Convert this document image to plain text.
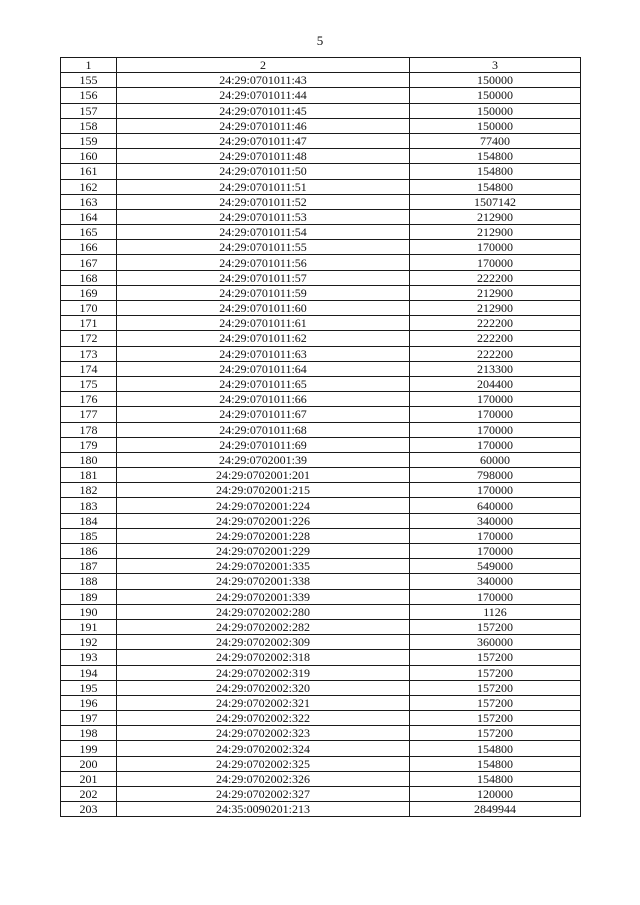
5
1	2	3
155	24:29:0701011:43	150000
156	24:29:0701011:44	150000
157	24:29:0701011:45	150000
158	24:29:0701011:46	150000
159	24:29:0701011:47	77400
160	24:29:0701011:48	154800
161	24:29:0701011:50	154800
162	24:29:0701011:51	154800
163	24:29:0701011:52	1507142
164	24:29:0701011:53	212900
165	24:29:0701011:54	212900
166	24:29:0701011:55	170000
167	24:29:0701011:56	170000
168	24:29:0701011:57	222200
169	24:29:0701011:59	212900
170	24:29:0701011:60	212900
171	24:29:0701011:61	222200
172	24:29:0701011:62	222200
173	24:29:0701011:63	222200
174	24:29:0701011:64	213300
175	24:29:0701011:65	204400
176	24:29:0701011:66	170000
177	24:29:0701011:67	170000
178	24:29:0701011:68	170000
179	24:29:0701011:69	170000
180	24:29:0702001:39	60000
181	24:29:0702001:201	798000
182	24:29:0702001:215	170000
183	24:29:0702001:224	640000
184	24:29:0702001:226	340000
185	24:29:0702001:228	170000
186	24:29:0702001:229	170000
187	24:29:0702001:335	549000
188	24:29:0702001:338	340000
189	24:29:0702001:339	170000
190	24:29:0702002:280	1126
191	24:29:0702002:282	157200
192	24:29:0702002:309	360000
193	24:29:0702002:318	157200
194	24:29:0702002:319	157200
195	24:29:0702002:320	157200
196	24:29:0702002:321	157200
197	24:29:0702002:322	157200
198	24:29:0702002:323	157200
199	24:29:0702002:324	154800
200	24:29:0702002:325	154800
201	24:29:0702002:326	154800
202	24:29:0702002:327	120000
203	24:35:0090201:213	2849944
